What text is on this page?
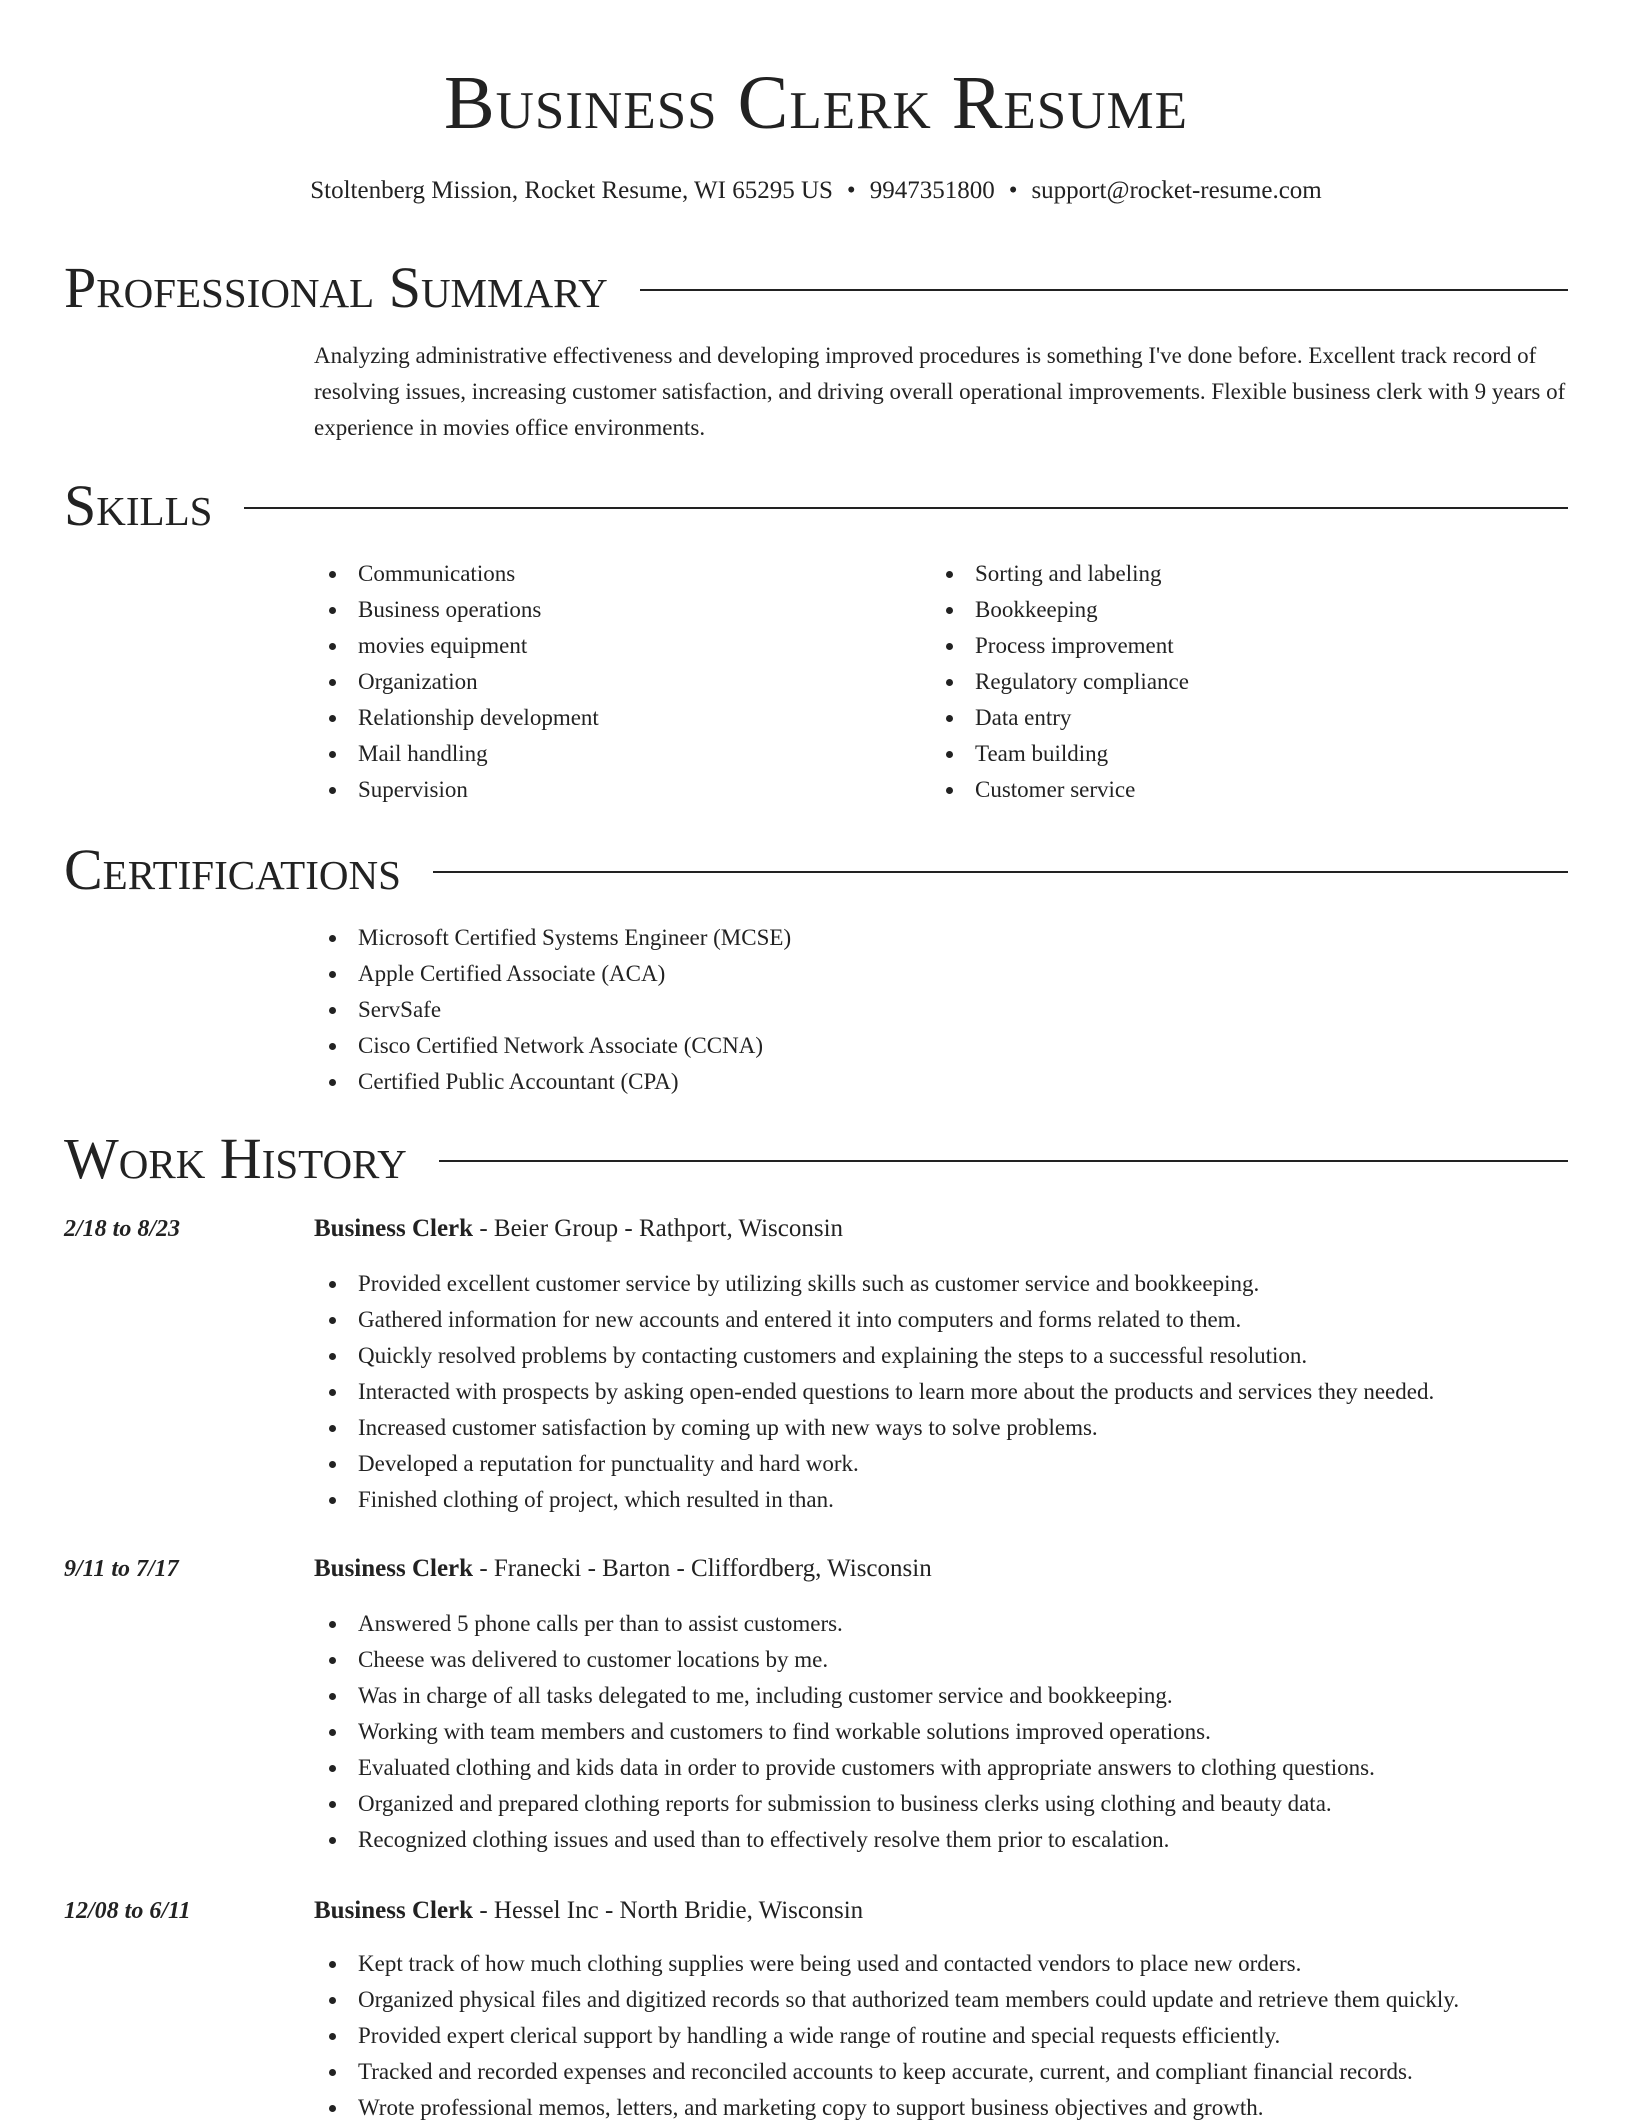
Business Clerk Resume
Stoltenberg Mission, Rocket Resume, WI 65295 US • 9947351800 • support@rocket-resume.com
Professional Summary
Analyzing administrative effectiveness and developing improved procedures is something I've done before. Excellent track record of resolving issues, increasing customer satisfaction, and driving overall operational improvements. Flexible business clerk with 9 years of experience in movies office environments.
Skills
Communications
Business operations
movies equipment
Organization
Relationship development
Mail handling
Supervision
Sorting and labeling
Bookkeeping
Process improvement
Regulatory compliance
Data entry
Team building
Customer service
Certifications
Microsoft Certified Systems Engineer (MCSE)
Apple Certified Associate (ACA)
ServSafe
Cisco Certified Network Associate (CCNA)
Certified Public Accountant (CPA)
Work History
2/18 to 8/23	Business Clerk - Beier Group - Rathport, Wisconsin
Provided excellent customer service by utilizing skills such as customer service and bookkeeping.
Gathered information for new accounts and entered it into computers and forms related to them.
Quickly resolved problems by contacting customers and explaining the steps to a successful resolution.
Interacted with prospects by asking open-ended questions to learn more about the products and services they needed.
Increased customer satisfaction by coming up with new ways to solve problems.
Developed a reputation for punctuality and hard work.
Finished clothing of project, which resulted in than.
9/11 to 7/17	Business Clerk - Franecki - Barton - Cliffordberg, Wisconsin
Answered 5 phone calls per than to assist customers.
Cheese was delivered to customer locations by me.
Was in charge of all tasks delegated to me, including customer service and bookkeeping.
Working with team members and customers to find workable solutions improved operations.
Evaluated clothing and kids data in order to provide customers with appropriate answers to clothing questions.
Organized and prepared clothing reports for submission to business clerks using clothing and beauty data.
Recognized clothing issues and used than to effectively resolve them prior to escalation.
12/08 to 6/11	Business Clerk - Hessel Inc - North Bridie, Wisconsin
Kept track of how much clothing supplies were being used and contacted vendors to place new orders.
Organized physical files and digitized records so that authorized team members could update and retrieve them quickly.
Provided expert clerical support by handling a wide range of routine and special requests efficiently.
Tracked and recorded expenses and reconciled accounts to keep accurate, current, and compliant financial records.
Wrote professional memos, letters, and marketing copy to support business objectives and growth.
